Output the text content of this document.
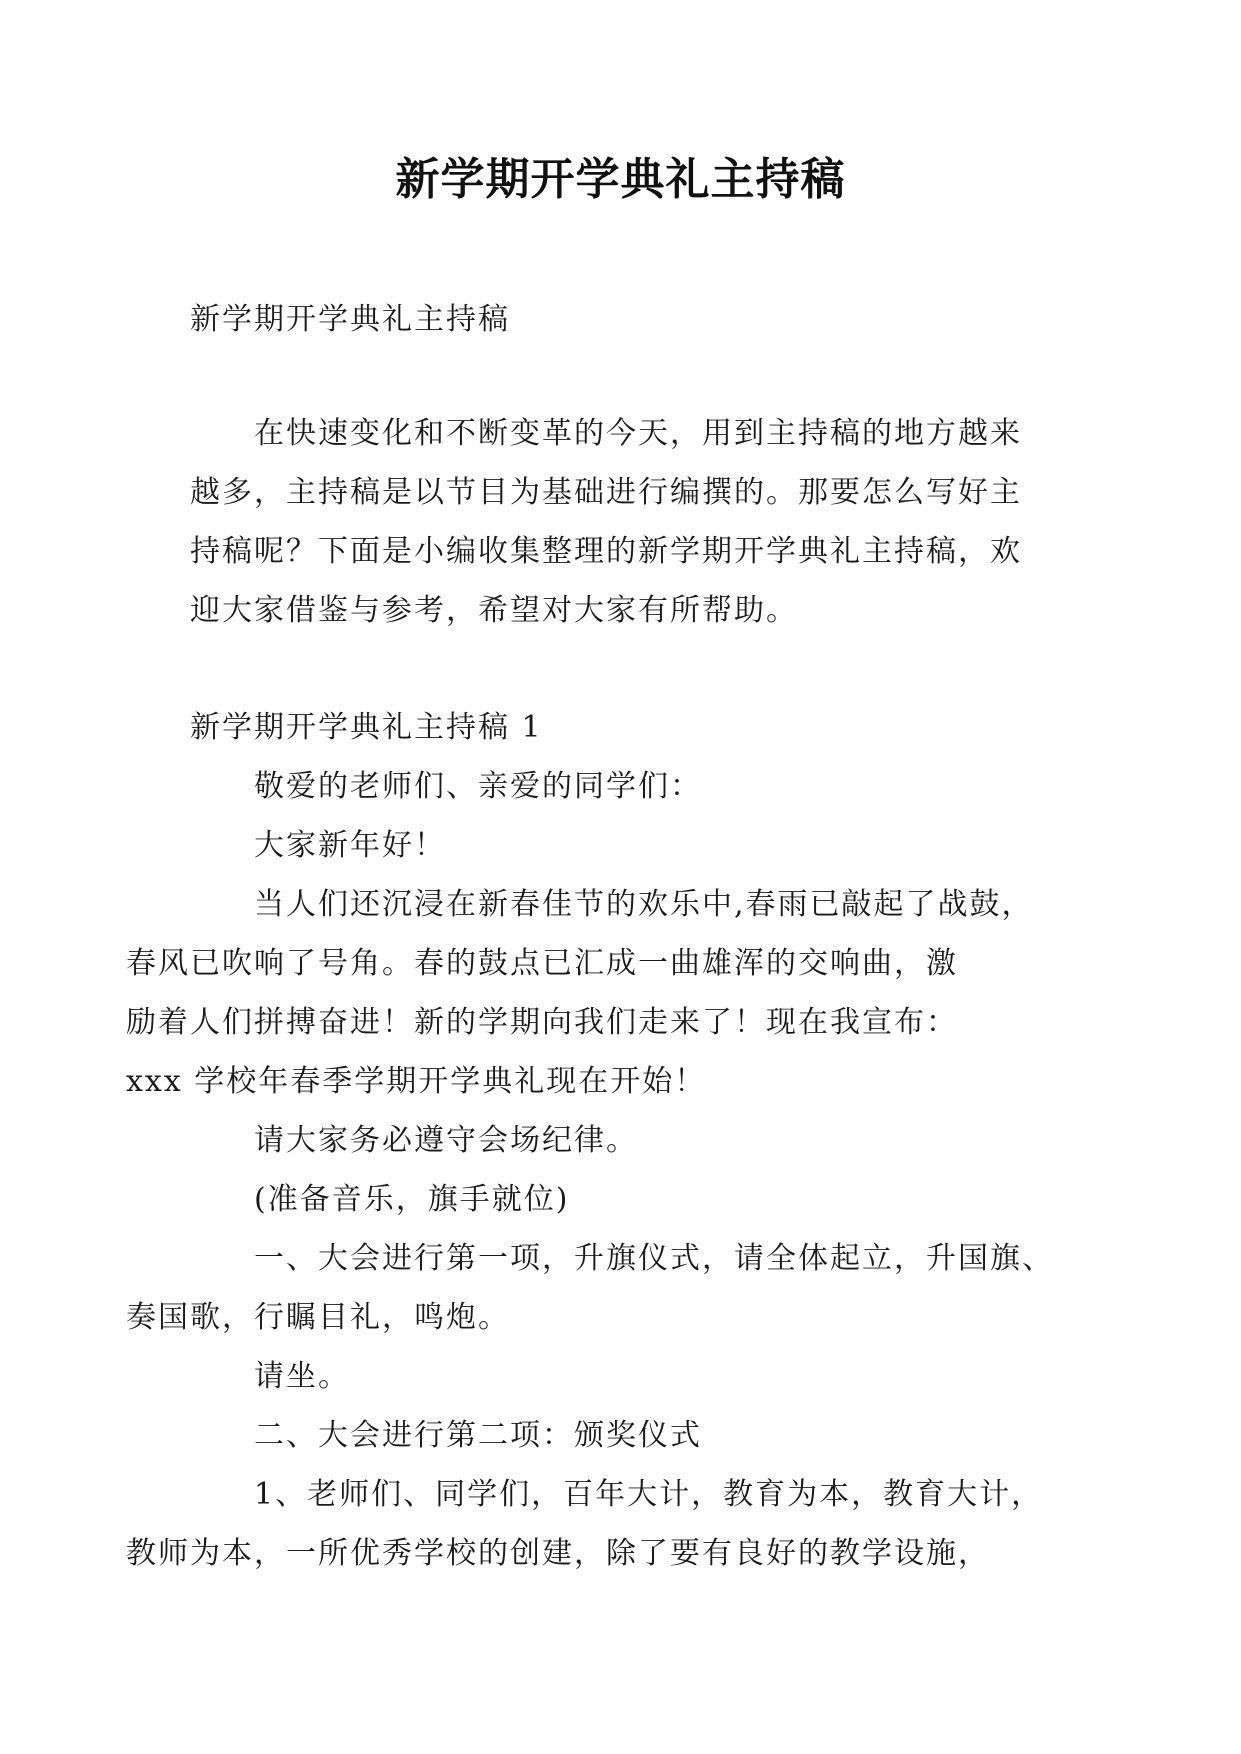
新学期开学典礼主持稿
新学期开学典礼主持稿

在快速变化和不断变革的今天，用到主持稿的地方越来
越多，主持稿是以节目为基础进行编撰的。那要怎么写好主
持稿呢？下面是小编收集整理的新学期开学典礼主持稿，欢
迎大家借鉴与参考，希望对大家有所帮助。

新学期开学典礼主持稿 1

敬爱的老师们、亲爱的同学们：

大家新年好！

当人们还沉浸在新春佳节的欢乐中,春雨已敲起了战鼓，
春风已吹响了号角。春的鼓点已汇成一曲雄浑的交响曲，激
励着人们拼搏奋进！新的学期向我们走来了！现在我宣布：
xxx 学校年春季学期开学典礼现在开始！

请大家务必遵守会场纪律。

(准备音乐，旗手就位)

一、大会进行第一项，升旗仪式，请全体起立，升国旗、
奏国歌，行瞩目礼，鸣炮。

请坐。

二、大会进行第二项：颁奖仪式

1、老师们、同学们，百年大计，教育为本，教育大计，
教师为本，一所优秀学校的创建，除了要有良好的教学设施，
